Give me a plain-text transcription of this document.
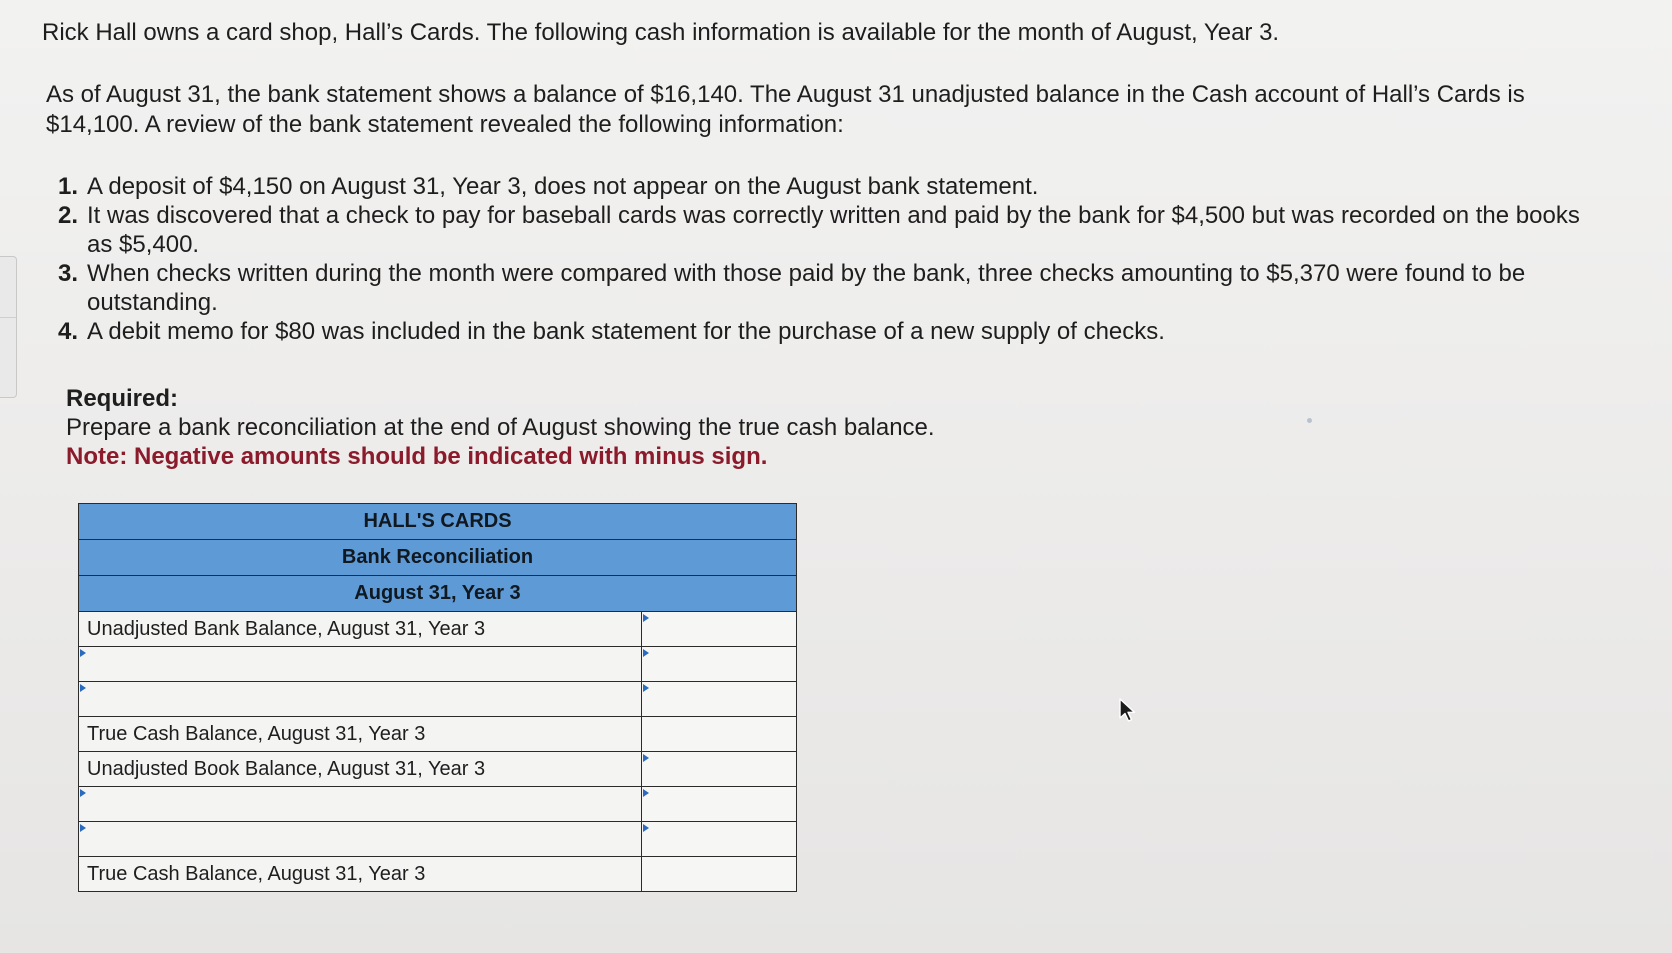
Rick Hall owns a card shop, Hall’s Cards. The following cash information is available for the month of August, Year 3.
As of August 31, the bank statement shows a balance of $16,140. The August 31 unadjusted balance in the Cash account of Hall’s Cards is $14,100. A review of the bank statement revealed the following information:
1. A deposit of $4,150 on August 31, Year 3, does not appear on the August bank statement.
2. It was discovered that a check to pay for baseball cards was correctly written and paid by the bank for $4,500 but was recorded on the books as $5,400.
3. When checks written during the month were compared with those paid by the bank, three checks amounting to $5,370 were found to be outstanding.
4. A debit memo for $80 was included in the bank statement for the purchase of a new supply of checks.
Required:
Prepare a bank reconciliation at the end of August showing the true cash balance.
Note: Negative amounts should be indicated with minus sign.
HALL'S CARDS
Bank Reconciliation
August 31, Year 3
Unadjusted Bank Balance, August 31, Year 3
True Cash Balance, August 31, Year 3
Unadjusted Book Balance, August 31, Year 3
True Cash Balance, August 31, Year 3
